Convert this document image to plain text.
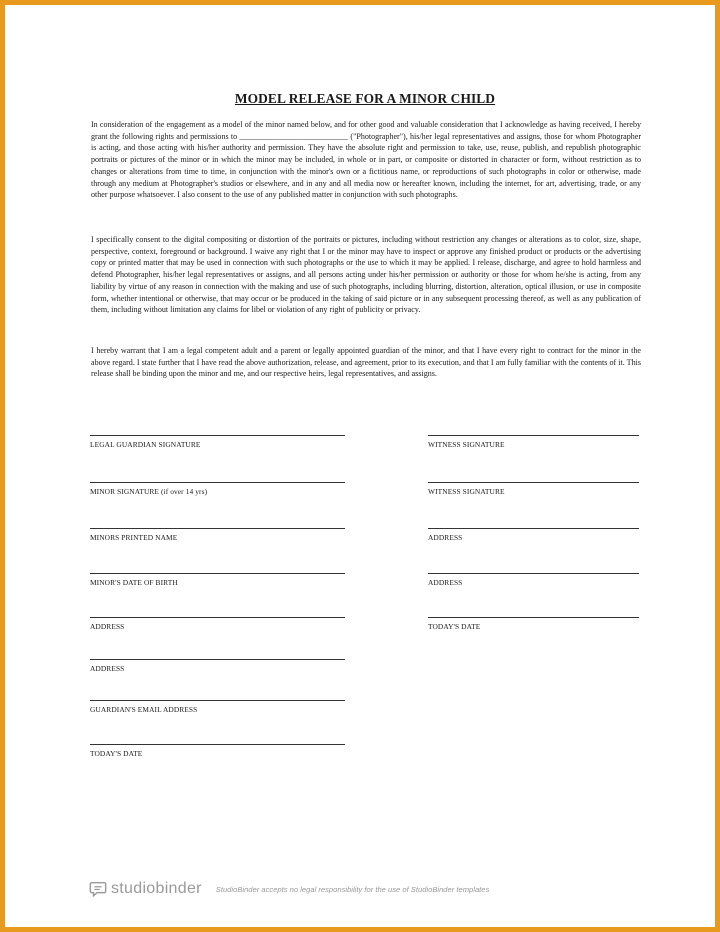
MODEL RELEASE FOR A MINOR CHILD

In consideration of the engagement as a model of the minor named below, and for other good and valuable consideration that I acknowledge as having received, I hereby grant the following rights and permissions to ___________________________ ("Photographer"), his/her legal representatives and assigns, those for whom Photographer is acting, and those acting with his/her authority and permission. They have the absolute right and permission to take, use, reuse, publish, and republish photographic portraits or pictures of the minor or in which the minor may be included, in whole or in part, or composite or distorted in character or form, without restriction as to changes or alterations from time to time, in conjunction with the minor's own or a fictitious name, or reproductions of such photographs in color or otherwise, made through any medium at Photographer's studios or elsewhere, and in any and all media now or hereafter known, including the internet, for art, advertising, trade, or any other purpose whatsoever. I also consent to the use of any published matter in conjunction with such photographs.

I specifically consent to the digital compositing or distortion of the portraits or pictures, including without restriction any changes or alterations as to color, size, shape, perspective, context, foreground or background. I waive any right that I or the minor may have to inspect or approve any finished product or products or the advertising copy or printed matter that may be used in connection with such photographs or the use to which it may be applied. I release, discharge, and agree to hold harmless and defend Photographer, his/her legal representatives or assigns, and all persons acting under his/her permission or authority or those for whom he/she is acting, from any liability by virtue of any reason in connection with the making and use of such photographs, including blurring, distortion, alteration, optical illusion, or use in composite form, whether intentional or otherwise, that may occur or be produced in the taking of said picture or in any subsequent processing thereof, as well as any publication of them, including without limitation any claims for libel or violation of any right of publicity or privacy.

I hereby warrant that I am a legal competent adult and a parent or legally appointed guardian of the minor, and that I have every right to contract for the minor in the above regard. I state further that I have read the above authorization, release, and agreement, prior to its execution, and that I am fully familiar with the contents of it. This release shall be binding upon the minor and me, and our respective heirs, legal representatives, and assigns.

LEGAL GUARDIAN SIGNATURE
MINOR SIGNATURE (if over 14 yrs)
MINORS PRINTED NAME
MINOR'S DATE OF BIRTH
ADDRESS
ADDRESS
GUARDIAN'S EMAIL ADDRESS
TODAY'S DATE
WITNESS SIGNATURE
WITNESS SIGNATURE
ADDRESS
ADDRESS
TODAY'S DATE
studiobinder StudioBinder accepts no legal responsibility for the use of StudioBinder templates
